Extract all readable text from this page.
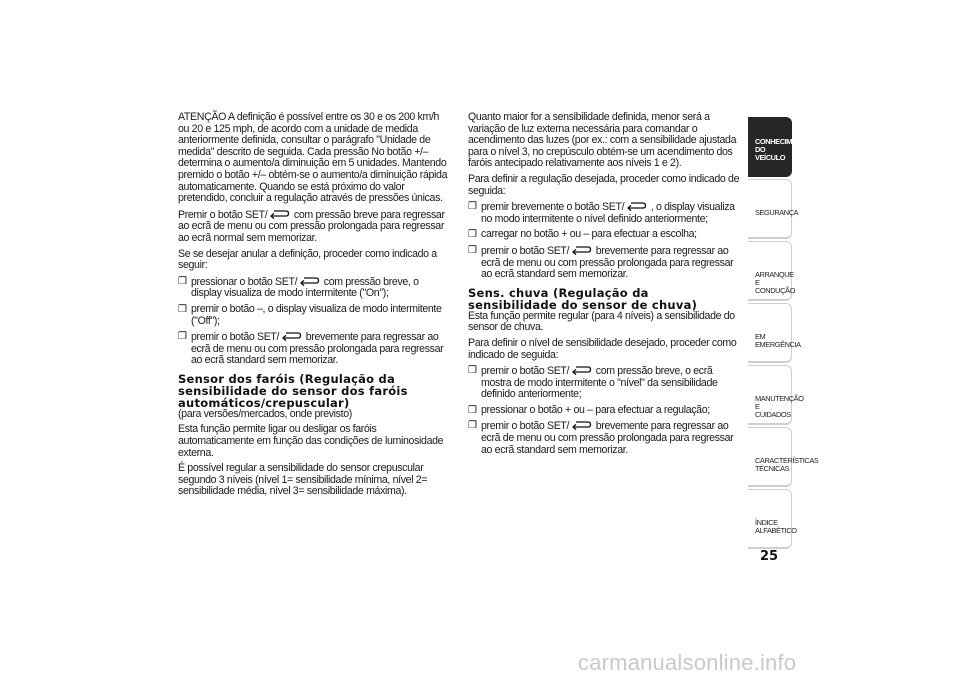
ATENÇÃO A definição é possível entre os 30 e os 200 km/h ou 20 e 125 mph, de acordo com a unidade de medida anteriormente definida, consultar o parágrafo "Unidade de medida" descrito de seguida. Cada pressão No botão +/– determina o aumento/a diminuição em 5 unidades. Mantendo premido o botão +/– obtém-se o aumento/a diminuição rápida automaticamente. Quando se está próximo do valor pretendido, concluir a regulação através de pressões únicas.

Premir o botão SET/
com pressão breve para regressar ao ecrã de menu ou com pressão prolongada para regressar ao ecrã normal sem memorizar.

Se se desejar anular a definição, proceder como indicado a seguir:

❒ pressionar o botão SET/
com pressão breve, o display visualiza de modo intermitente ("On");
❒ premir o botão –, o display visualiza de modo intermitente ("Off");
❒ premir o botão SET/
brevemente para regressar ao ecrã de menu ou com pressão prolongada para regressar ao ecrã standard sem memorizar.
Sensor dos faróis (Regulação da sensibilidade do sensor dos faróis automáticos/crepuscular)

(para versões/mercados, onde previsto)

Esta função permite ligar ou desligar os faróis automaticamente em função das condições de luminosidade externa.

É possível regular a sensibilidade do sensor crepuscular segundo 3 níveis (nível 1= sensibilidade mínima, nível 2= sensibilidade média, nível 3= sensibilidade máxima).

Quanto maior for a sensibilidade definida, menor será a variação de luz externa necessária para comandar o acendimento das luzes (por ex.: com a sensibilidade ajustada para o nível 3, no crepúsculo obtém-se um acendimento dos faróis antecipado relativamente aos níveis 1 e 2).

Para definir a regulação desejada, proceder como indicado de seguida:

❒ premir brevemente o botão SET/
, o display visualiza no modo intermitente o nível definido anteriormente;
❒ carregar no botão + ou – para efectuar a escolha;
❒ premir o botão SET/
brevemente para regressar ao ecrã de menu ou com pressão prolongada para regressar ao ecrã standard sem memorizar.
Sens. chuva (Regulação da sensibilidade do sensor de chuva)

Esta função permite regular (para 4 níveis) a sensibilidade do sensor de chuva.

Para definir o nível de sensibilidade desejado, proceder como indicado de seguida:

❒ premir o botão SET/
com pressão breve, o ecrã mostra de modo intermitente o "nível" da sensibilidade definido anteriormente;
❒ pressionar o botão + ou – para efectuar a regulação;
❒ premir o botão SET/
brevemente para regressar ao ecrã de menu ou com pressão prolongada para regressar ao ecrã standard sem memorizar.
CONHECIMENTO DO VEÍCULO
SEGURANÇA
ARRANQUE E CONDUÇÃO
EM EMERGÊNCIA
MANUTENÇÃO E CUIDADOS
CARACTERÍSTICAS TÉCNICAS
ÍNDICE ALFABÉTICO
25
carmanualsonline.info
